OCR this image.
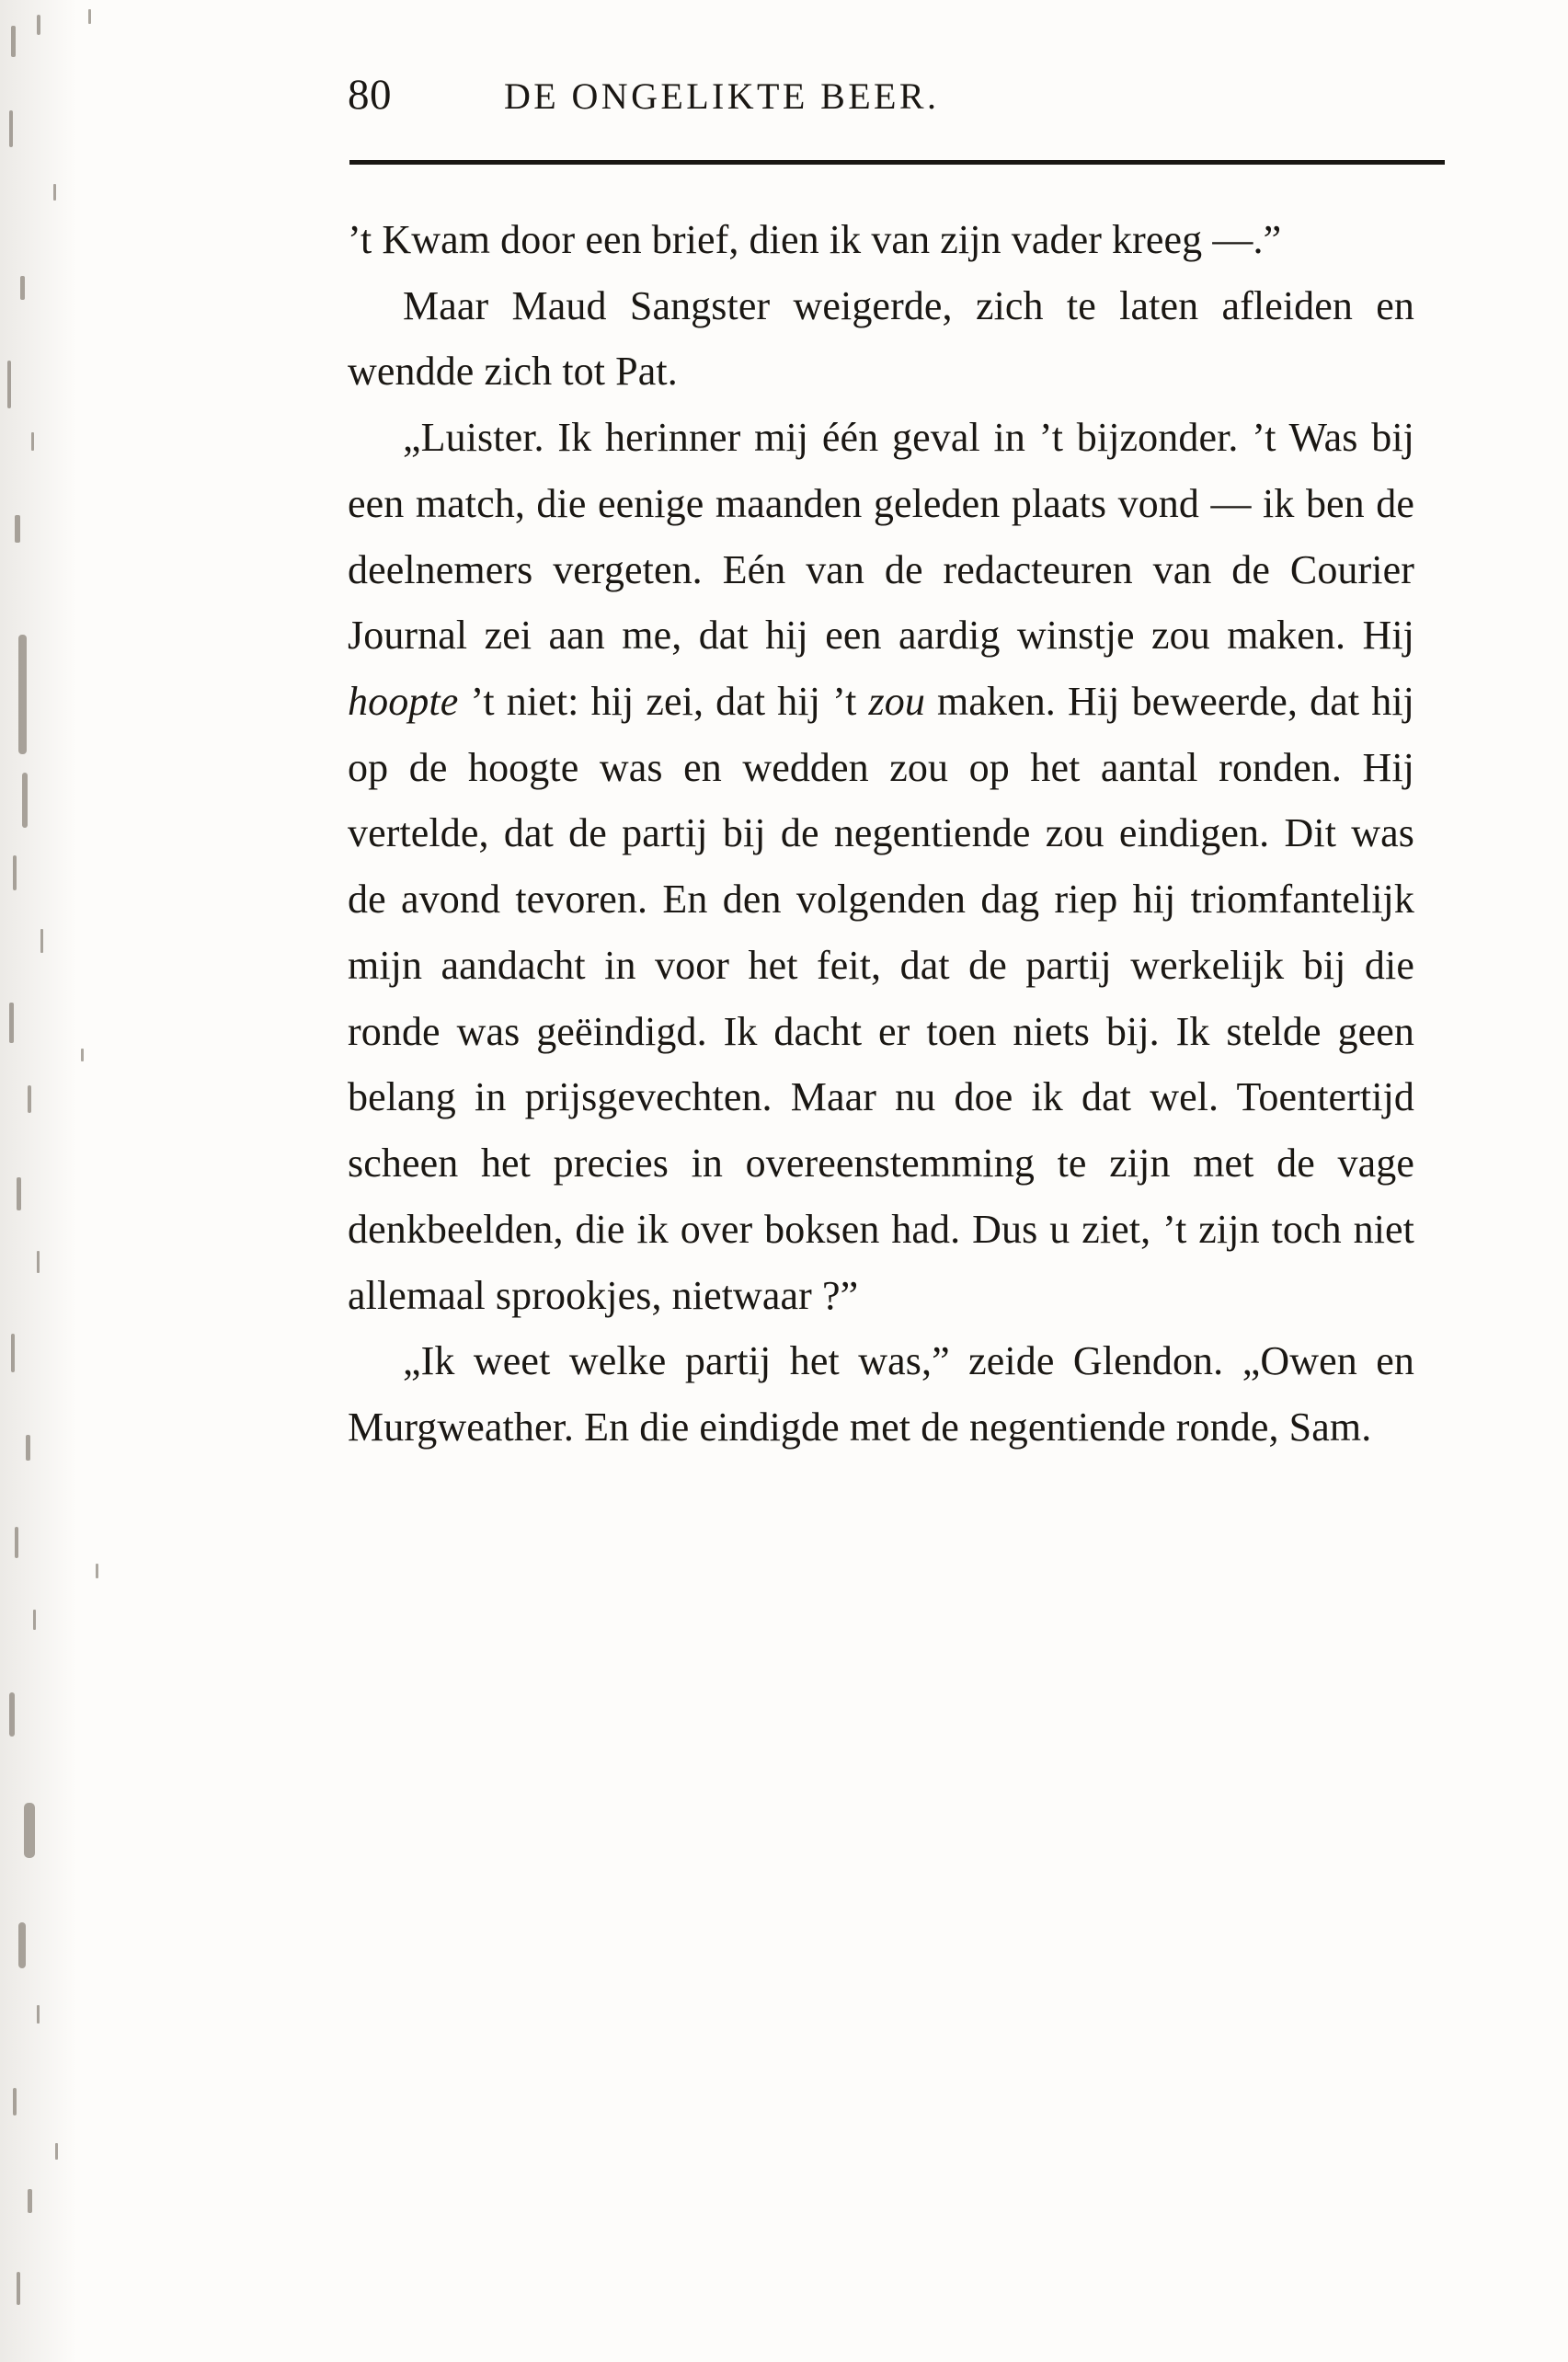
80	DE ONGELIKTE BEER.

’t Kwam door een brief, dien ik van zijn vader kreeg —.”

Maar Maud Sangster weigerde, zich te laten afleiden en wendde zich tot Pat.

„Luister. Ik herinner mij één geval in ’t bijzonder. ’t Was bij een match, die eenige maanden geleden plaats vond — ik ben de deelnemers vergeten. Eén van de redacteuren van de Courier Journal zei aan me, dat hij een aardig winstje zou maken. Hij hoopte ’t niet: hij zei, dat hij ’t zou maken. Hij beweerde, dat hij op de hoogte was en wedden zou op het aantal ronden. Hij vertelde, dat de partij bij de negentiende zou eindigen. Dit was de avond tevoren. En den volgenden dag riep hij triomfantelijk mijn aandacht in voor het feit, dat de partij werkelijk bij die ronde was geëindigd. Ik dacht er toen niets bij. Ik stelde geen belang in prijsgevechten. Maar nu doe ik dat wel. Toentertijd scheen het precies in overeenstemming te zijn met de vage denkbeelden, die ik over boksen had. Dus u ziet, ’t zijn toch niet allemaal sprookjes, nietwaar ?”

„Ik weet welke partij het was,” zeide Glendon. „Owen en Murgweather. En die eindigde met de negentiende ronde, Sam.
